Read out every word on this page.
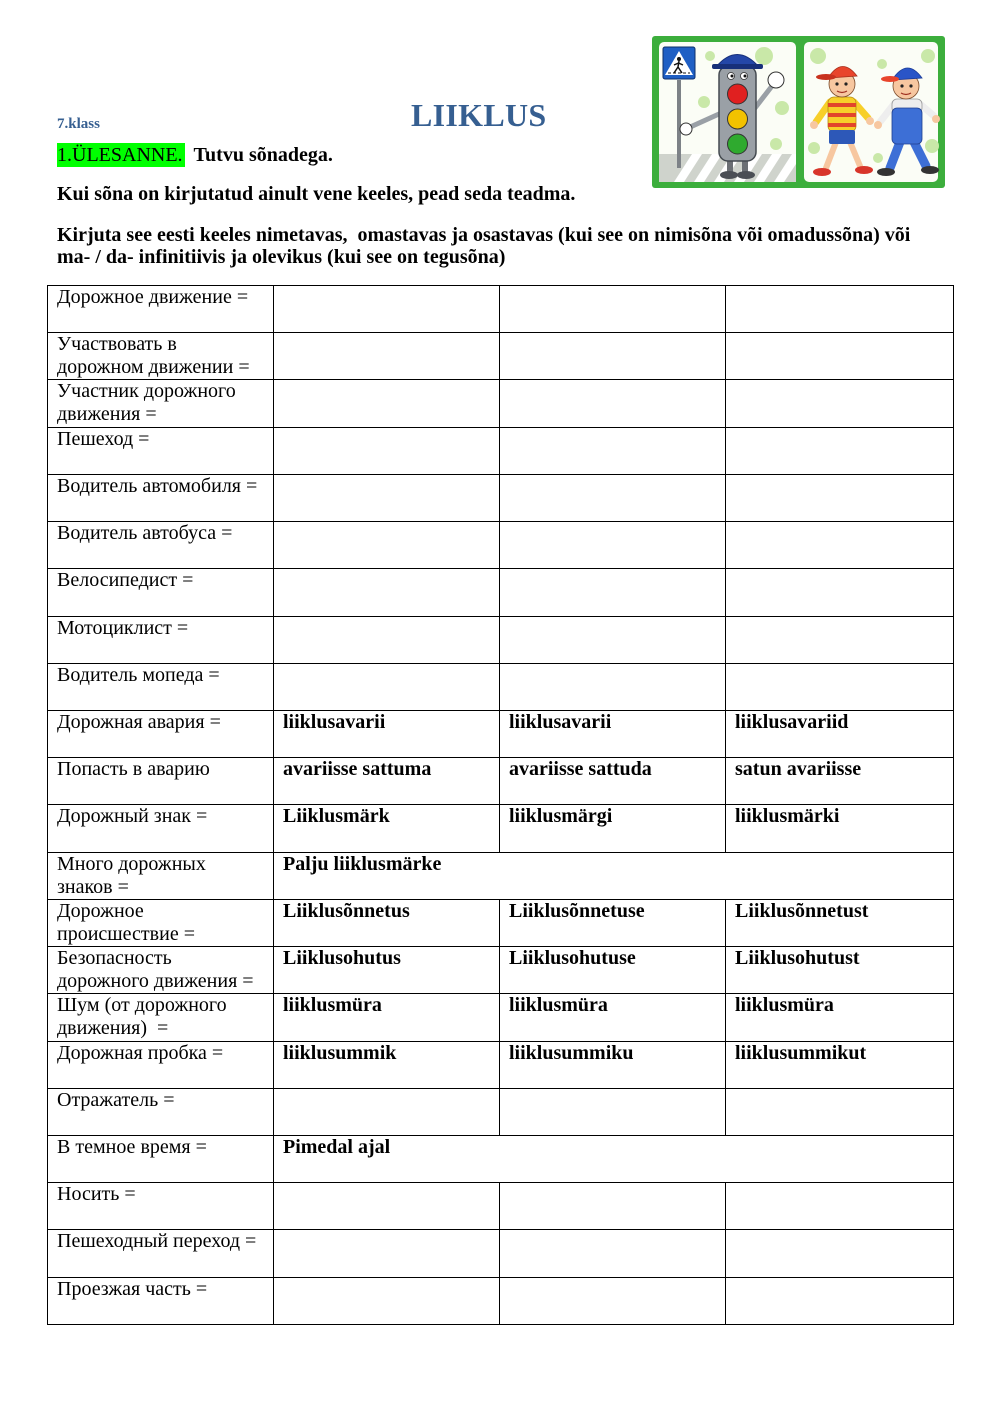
7.klass	LIIKLUS
1.ÜLESANNE. Tutvu sõnadega.
Kui sõna on kirjutatud ainult vene keeles, pead seda teadma.
Kirjuta see eesti keeles nimetavas,  omastavas ja osastavas (kui see on nimisõna või omadussõna) või
ma- / da- infinitiivis ja olevikus (kui see on tegusõna)
Дорожное движение =			
Участвовать в
дорожном движении =			
Участник дорожного
движения =			
Пешеход =			
Водитель автомобиля =			
Водитель автобуса =			
Велосипедист =			
Мотоциклист =			
Водитель мопеда =			
Дорожная авария =	liiklusavarii	liiklusavarii	liiklusavariid
Попасть в аварию	avariisse sattuma	avariisse sattuda	satun avariisse
Дорожный знак =	Liiklusmärk	liiklusmärgi	liiklusmärki
Много дорожных
знаков =	Palju liiklusmärke		
Дорожное
происшествие =	Liiklusõnnetus	Liiklusõnnetuse	Liiklusõnnetust
Безопасность
дорожного движения =	Liiklusohutus	Liiklusohutuse	Liiklusohutust
Шум (от дорожного
движения)  =	liiklusmüra	liiklusmüra	liiklusmüra
Дорожная пробка =	liiklusummik	liiklusummiku	liiklusummikut
Отражатель =			
В темное время =	Pimedal ajal		
Носить =			
Пешеходный переход =			
Проезжая часть =			
